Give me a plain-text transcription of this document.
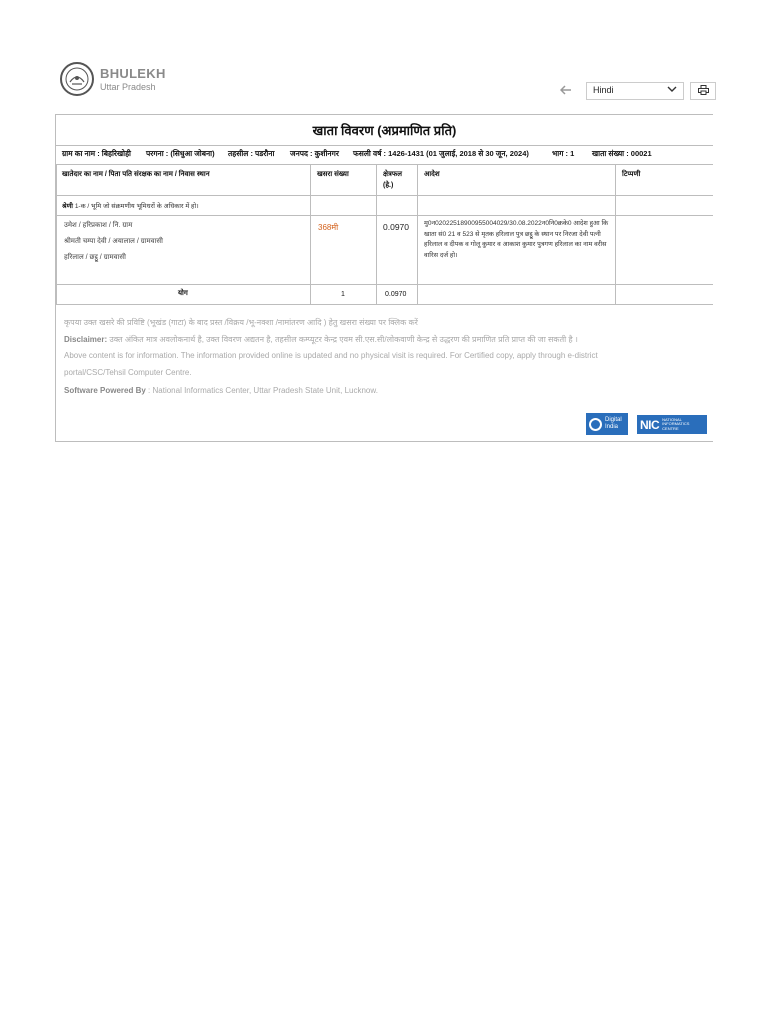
BHULEKH
Uttar Pradesh	Hindi
खाता विवरण (अप्रमाणित प्रति)
ग्राम का नाम : बिहरिखोही परगना : (सिधुआ जोबना) तहसील : पडरौना जनपद : कुशीनगर फसली वर्ष : 1426-1431 (01 जुलाई, 2018 से 30 जून, 2024)	भाग : 1 खाता संख्या : 00021
खातेदार का नाम / पिता पति संरक्षक का नाम / निवास स्थान	खसरा संख्या	क्षेत्रफल
(हे.)
आदेश	टिप्पणी
श्रेणी 1-क / भूमि जो संक्रमणीय भूमिधरों के अधिकार में हो।
उमेश / हरिप्रकाश / नि. ग्राम
श्रीमती चम्पा देवी / अयालाल / ग्रामवासी
हरिलाल / छट्ठू / ग्रामवासी
368मी	0.0970 मु0न0202251890095500​4029/30.08.2022न0नि0क्रके0 आदेश हुआ कि खाता सं0 21 व 523 से मृतक हरिलाल पुत्र छट्ठू के स्थान पर निरजा देवी पत्नी हरिलाल व दीपक व गोलू कुमार व आकाश कुमार पुत्रगण हरिलाल का नाम वरीस वारिस दर्ज हो।
योग	1	0.0970
कृपया उक्त खसरे की प्रविष्टि (भूखंड (गाटा) के बाद प्रस्त /विक्रय /भू-नक्शा /नामांतरण आदि ) हेतु खसरा संख्या पर क्लिक करें
Disclaimer: उक्त अंकित मात्र अवलोकनार्थ है, उक्त विवरण अद्यतन है, तहसील कम्प्यूटर केन्द्र एवम सी.एस.सी/लोकवाणी केन्द्र से उद्धरण की प्रमाणित प्रति प्राप्त की जा सकती है ।
Above content is for information. The information provided online is updated and no physical visit is required. For Certified copy, apply through e-district
portal/CSC/Tehsil Computer Centre.
Software Powered By : National Informatics Center, Uttar Pradesh State Unit, Lucknow.
Digital
India	NIC NATIONAL
INFORMATICS
CENTRE
